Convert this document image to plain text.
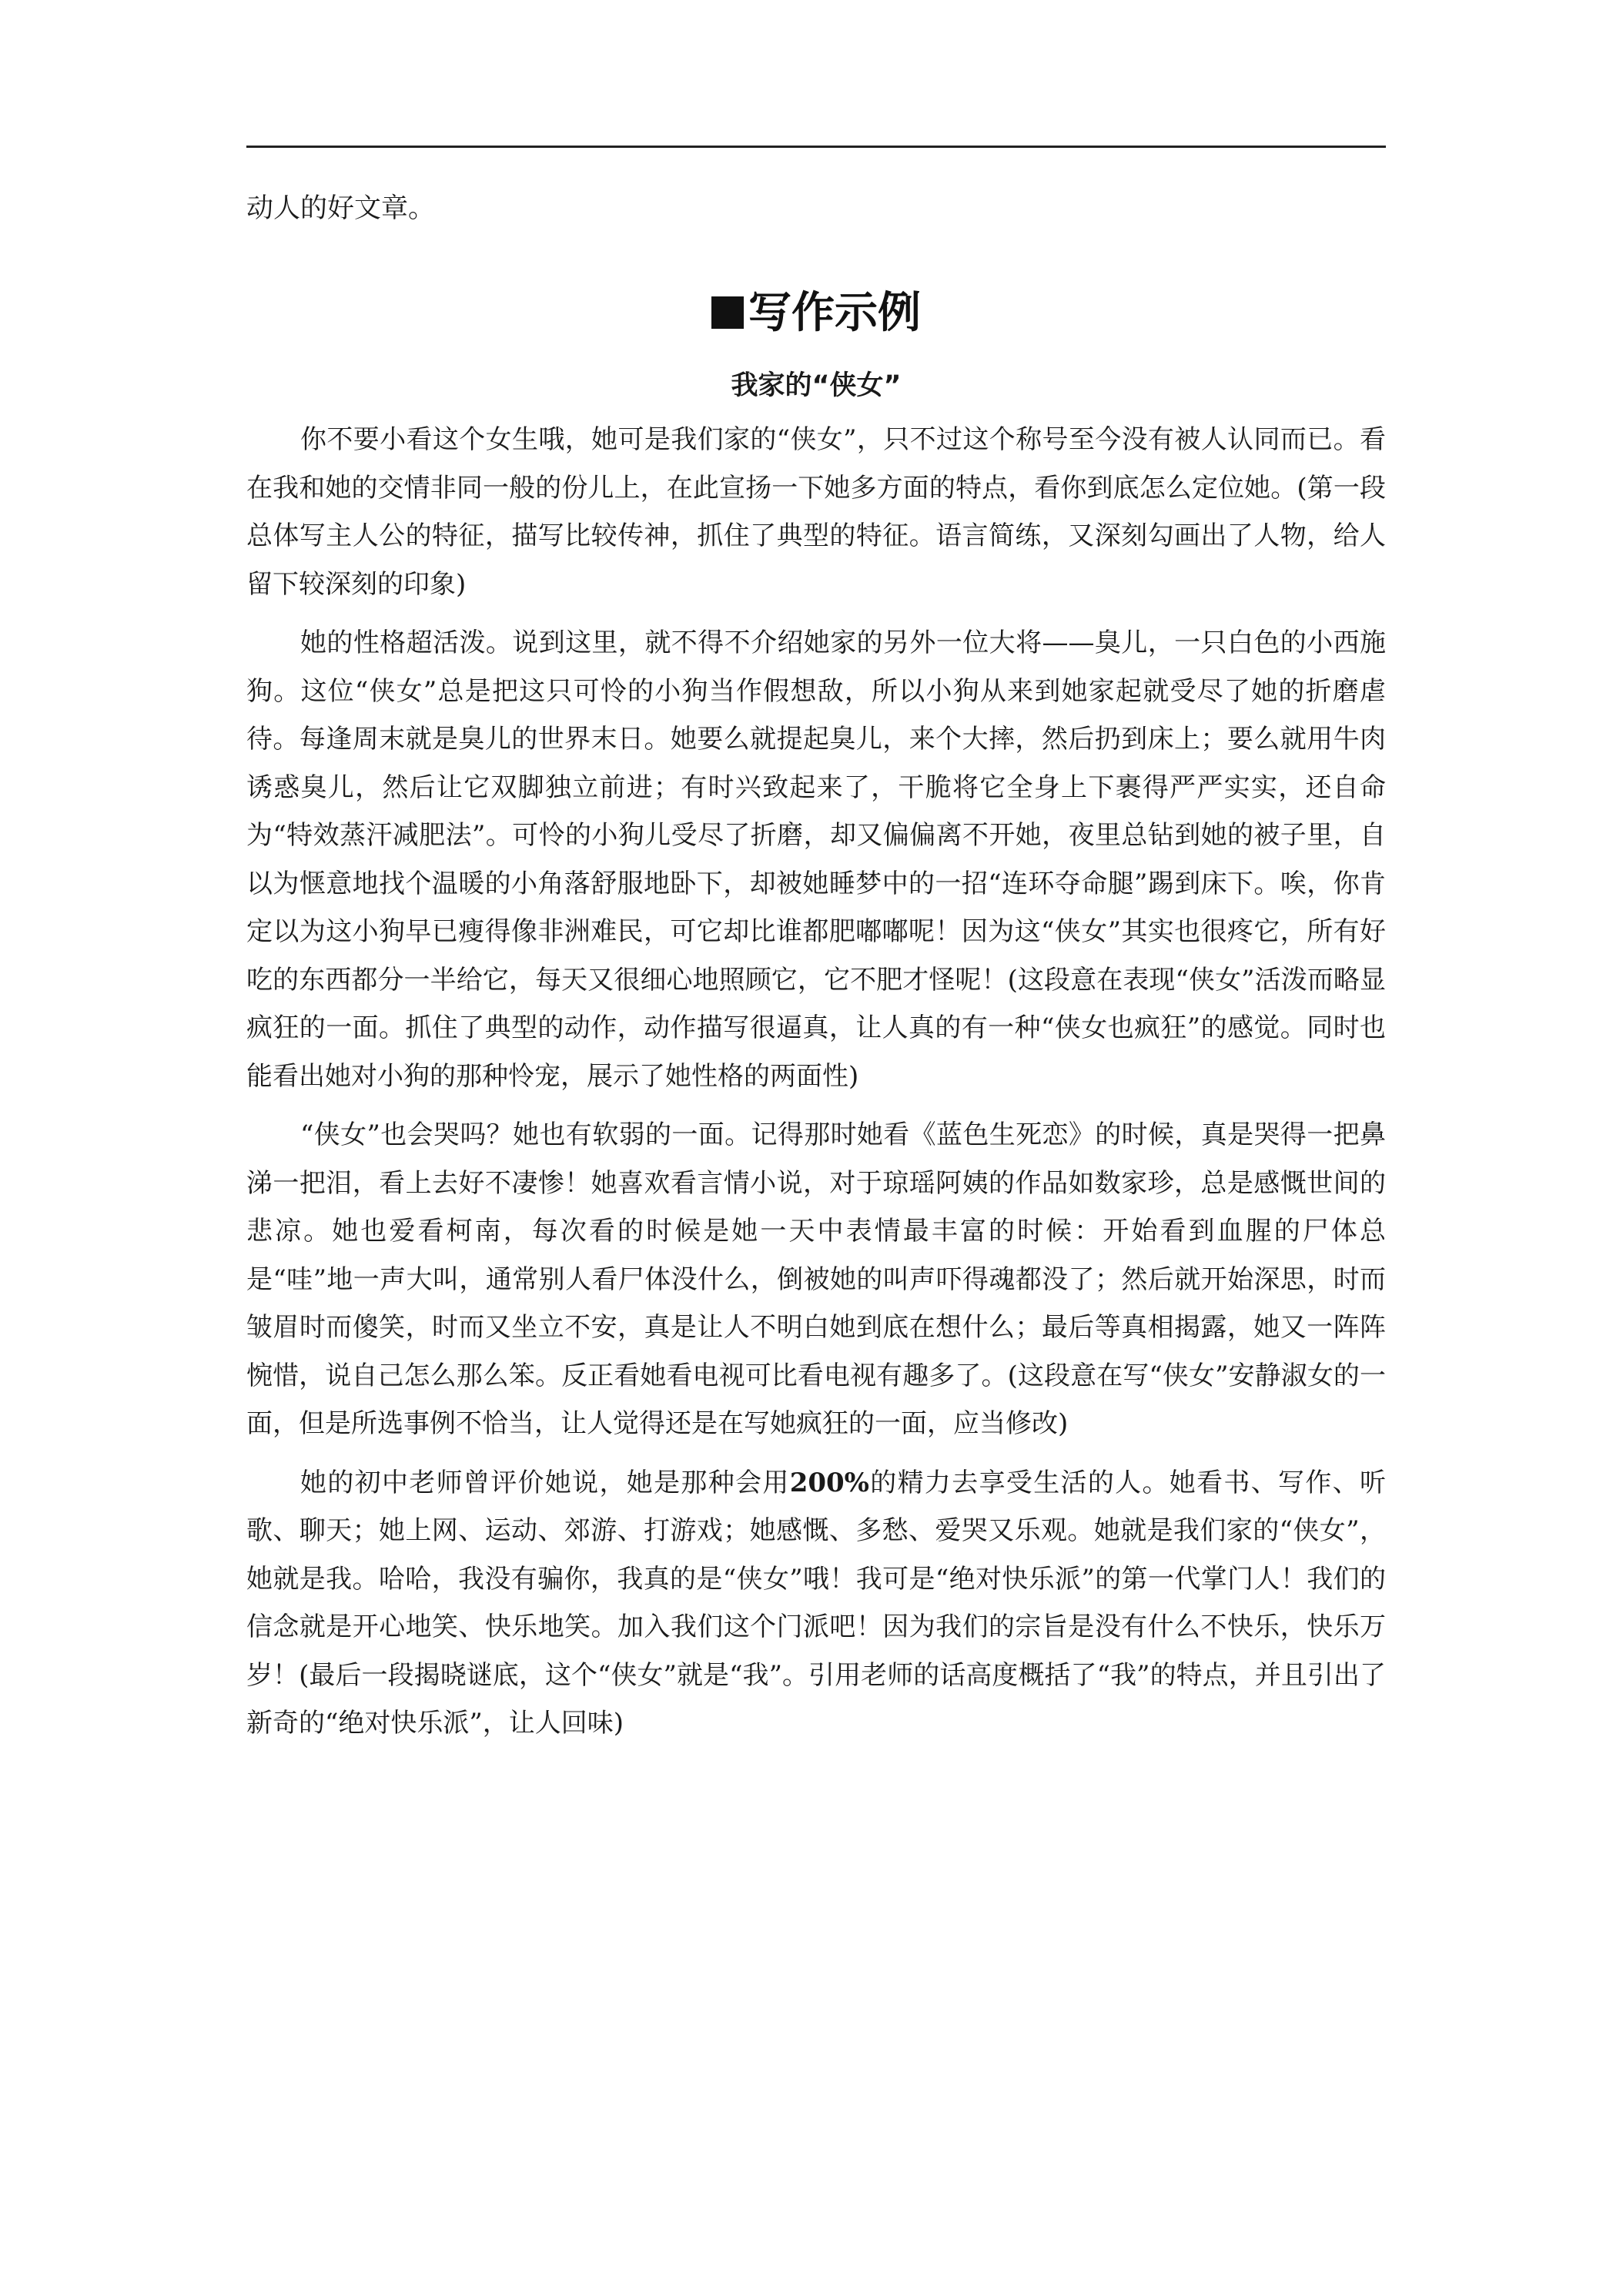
动人的好文章。

写作示例
我家的“侠女”

你不要小看这个女生哦，她可是我们家的“侠女”，只不过这个称号至今没有被人认同而已。看在我和她的交情非同一般的份儿上，在此宣扬一下她多方面的特点，看你到底怎么定位她。(第一段总体写主人公的特征，描写比较传神，抓住了典型的特征。语言简练，又深刻勾画出了人物，给人留下较深刻的印象)

她的性格超活泼。说到这里，就不得不介绍她家的另外一位大将——臭儿，一只白色的小西施狗。这位“侠女”总是把这只可怜的小狗当作假想敌，所以小狗从来到她家起就受尽了她的折磨虐待。每逢周末就是臭儿的世界末日。她要么就提起臭儿，来个大摔，然后扔到床上；要么就用牛肉诱惑臭儿，然后让它双脚独立前进；有时兴致起来了，干脆将它全身上下裹得严严实实，还自命为“特效蒸汗减肥法”。可怜的小狗儿受尽了折磨，却又偏偏离不开她，夜里总钻到她的被子里，自以为惬意地找个温暖的小角落舒服地卧下，却被她睡梦中的一招“连环夺命腿”踢到床下。唉，你肯定以为这小狗早已瘦得像非洲难民，可它却比谁都肥嘟嘟呢！因为这“侠女”其实也很疼它，所有好吃的东西都分一半给它，每天又很细心地照顾它，它不肥才怪呢！(这段意在表现“侠女”活泼而略显疯狂的一面。抓住了典型的动作，动作描写很逼真，让人真的有一种“侠女也疯狂”的感觉。同时也能看出她对小狗的那种怜宠，展示了她性格的两面性)

“侠女”也会哭吗？她也有软弱的一面。记得那时她看《蓝色生死恋》的时候，真是哭得一把鼻涕一把泪，看上去好不凄惨！她喜欢看言情小说，对于琼瑶阿姨的作品如数家珍，总是感慨世间的悲凉。她也爱看柯南，每次看的时候是她一天中表情最丰富的时候：开始看到血腥的尸体总是“哇”地一声大叫，通常别人看尸体没什么，倒被她的叫声吓得魂都没了；然后就开始深思，时而皱眉时而傻笑，时而又坐立不安，真是让人不明白她到底在想什么；最后等真相揭露，她又一阵阵惋惜，说自己怎么那么笨。反正看她看电视可比看电视有趣多了。(这段意在写“侠女”安静淑女的一面，但是所选事例不恰当，让人觉得还是在写她疯狂的一面，应当修改)

她的初中老师曾评价她说，她是那种会用200%的精力去享受生活的人。她看书、写作、听歌、聊天；她上网、运动、郊游、打游戏；她感慨、多愁、爱哭又乐观。她就是我们家的“侠女”，她就是我。哈哈，我没有骗你，我真的是“侠女”哦！我可是“绝对快乐派”的第一代掌门人！我们的信念就是开心地笑、快乐地笑。加入我们这个门派吧！因为我们的宗旨是没有什么不快乐，快乐万岁！(最后一段揭晓谜底，这个“侠女”就是“我”。引用老师的话高度概括了“我”的特点，并且引出了新奇的“绝对快乐派”，让人回味)
